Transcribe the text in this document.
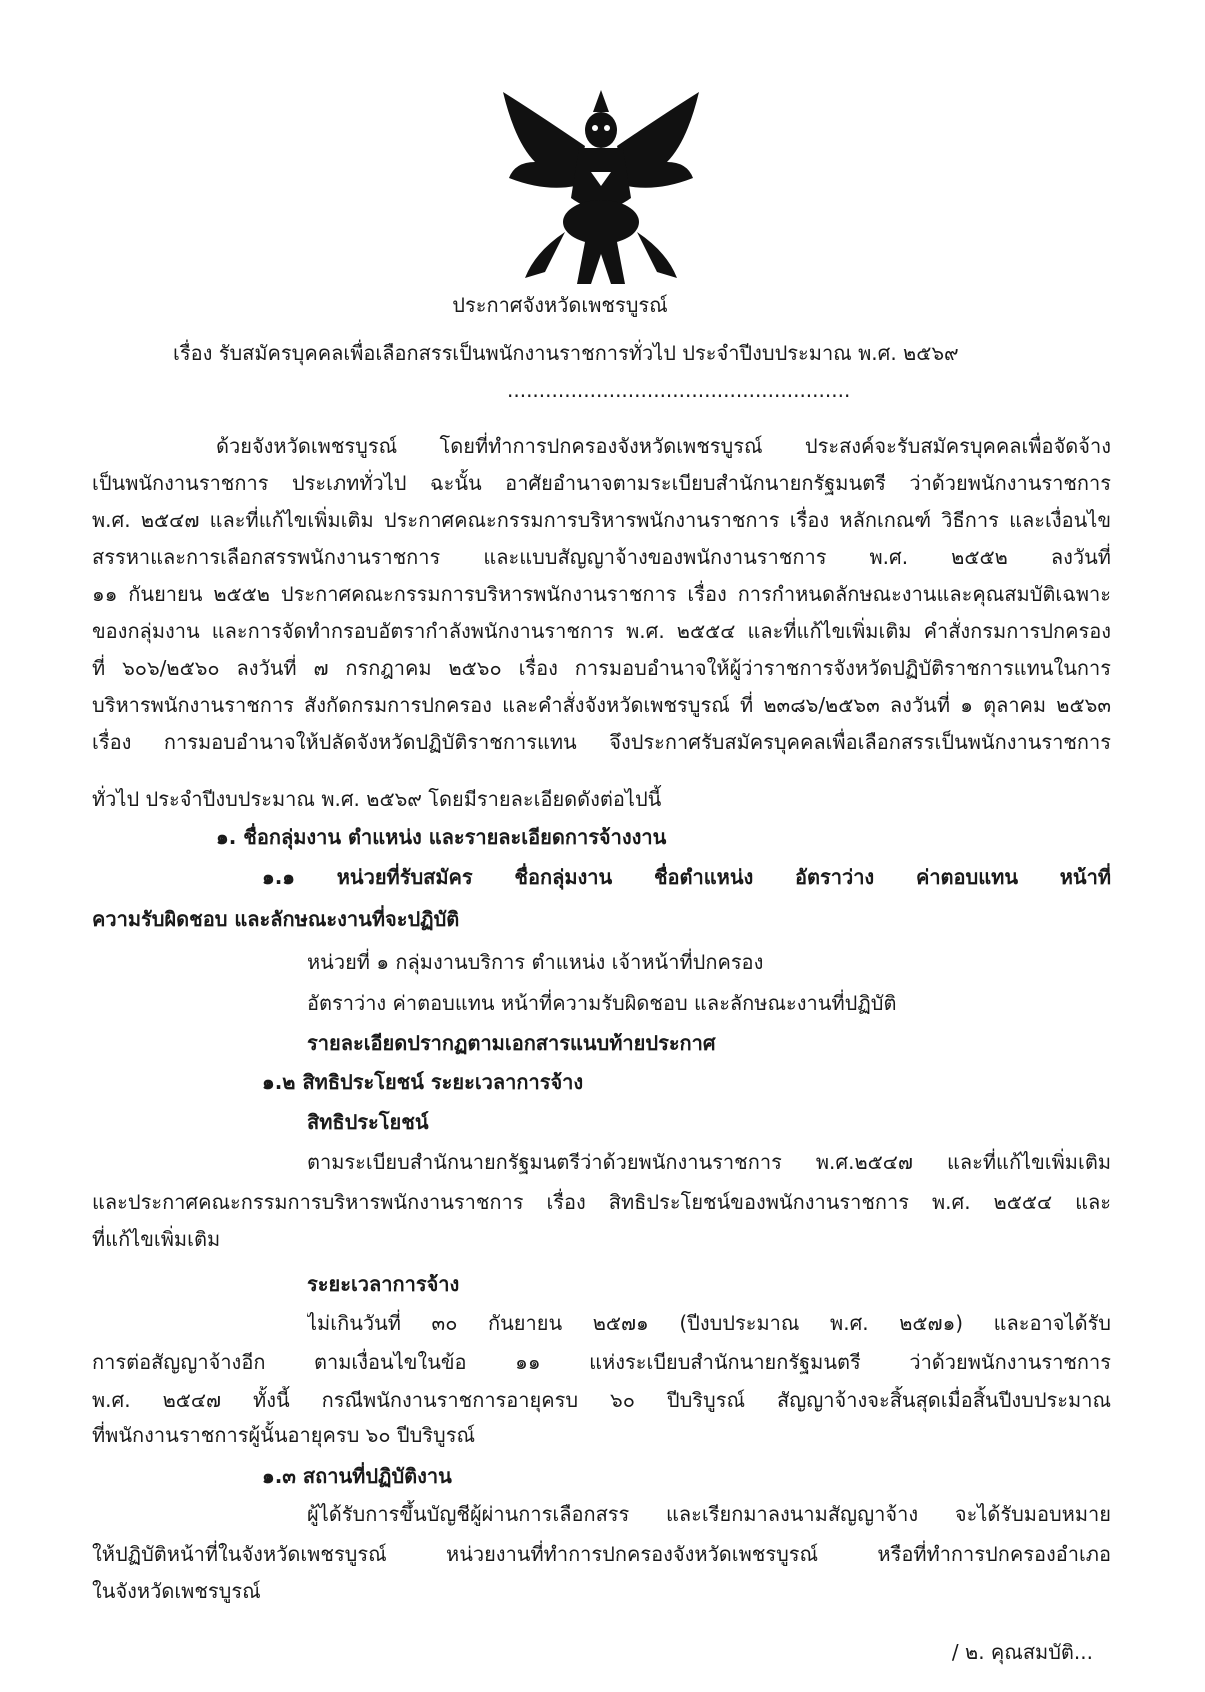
ประกาศจังหวัดเพชรบูรณ์
เรื่อง รับสมัครบุคคลเพื่อเลือกสรรเป็นพนักงานราชการทั่วไป ประจำปีงบประมาณ พ.ศ. ๒๕๖๙
......................................................
ด้วยจังหวัดเพชรบูรณ์ โดยที่ทำการปกครองจังหวัดเพชรบูรณ์ ประสงค์จะรับสมัครบุคคลเพื่อจัดจ้าง
เป็นพนักงานราชการ ประเภททั่วไป ฉะนั้น อาศัยอำนาจตามระเบียบสำนักนายกรัฐมนตรี ว่าด้วยพนักงานราชการ
พ.ศ. ๒๕๔๗ และที่แก้ไขเพิ่มเติม ประกาศคณะกรรมการบริหารพนักงานราชการ เรื่อง หลักเกณฑ์ วิธีการ และเงื่อนไข
สรรหาและการเลือกสรรพนักงานราชการ และแบบสัญญาจ้างของพนักงานราชการ พ.ศ. ๒๕๕๒ ลงวันที่
๑๑ กันยายน ๒๕๕๒ ประกาศคณะกรรมการบริหารพนักงานราชการ เรื่อง การกำหนดลักษณะงานและคุณสมบัติเฉพาะ
ของกลุ่มงาน และการจัดทำกรอบอัตรากำลังพนักงานราชการ พ.ศ. ๒๕๕๔ และที่แก้ไขเพิ่มเติม คำสั่งกรมการปกครอง
ที่ ๖๐๖/๒๕๖๐ ลงวันที่ ๗ กรกฎาคม ๒๕๖๐ เรื่อง การมอบอำนาจให้ผู้ว่าราชการจังหวัดปฏิบัติราชการแทนในการ
บริหารพนักงานราชการ สังกัดกรมการปกครอง และคำสั่งจังหวัดเพชรบูรณ์ ที่ ๒๓๘๖/๒๕๖๓ ลงวันที่ ๑ ตุลาคม ๒๕๖๓
เรื่อง การมอบอำนาจให้ปลัดจังหวัดปฏิบัติราชการแทน จึงประกาศรับสมัครบุคคลเพื่อเลือกสรรเป็นพนักงานราชการ
ทั่วไป ประจำปีงบประมาณ พ.ศ. ๒๕๖๙ โดยมีรายละเอียดดังต่อไปนี้
๑. ชื่อกลุ่มงาน ตำแหน่ง และรายละเอียดการจ้างงาน
๑.๑ หน่วยที่รับสมัคร ชื่อกลุ่มงาน ชื่อตำแหน่ง อัตราว่าง ค่าตอบแทน หน้าที่
ความรับผิดชอบ และลักษณะงานที่จะปฏิบัติ
หน่วยที่ ๑ กลุ่มงานบริการ ตำแหน่ง เจ้าหน้าที่ปกครอง
อัตราว่าง ค่าตอบแทน หน้าที่ความรับผิดชอบ และลักษณะงานที่ปฏิบัติ
รายละเอียดปรากฏตามเอกสารแนบท้ายประกาศ
๑.๒ สิทธิประโยชน์ ระยะเวลาการจ้าง
สิทธิประโยชน์
ตามระเบียบสำนักนายกรัฐมนตรีว่าด้วยพนักงานราชการ พ.ศ.๒๕๔๗ และที่แก้ไขเพิ่มเติม
และประกาศคณะกรรมการบริหารพนักงานราชการ เรื่อง สิทธิประโยชน์ของพนักงานราชการ พ.ศ. ๒๕๕๔ และ
ที่แก้ไขเพิ่มเติม
ระยะเวลาการจ้าง
ไม่เกินวันที่ ๓๐ กันยายน ๒๕๗๑ (ปีงบประมาณ พ.ศ. ๒๕๗๑) และอาจได้รับ
การต่อสัญญาจ้างอีก ตามเงื่อนไขในข้อ ๑๑ แห่งระเบียบสำนักนายกรัฐมนตรี ว่าด้วยพนักงานราชการ
พ.ศ. ๒๕๔๗ ทั้งนี้ กรณีพนักงานราชการอายุครบ ๖๐ ปีบริบูรณ์ สัญญาจ้างจะสิ้นสุดเมื่อสิ้นปีงบประมาณ
ที่พนักงานราชการผู้นั้นอายุครบ ๖๐ ปีบริบูรณ์
๑.๓ สถานที่ปฏิบัติงาน
ผู้ได้รับการขึ้นบัญชีผู้ผ่านการเลือกสรร และเรียกมาลงนามสัญญาจ้าง จะได้รับมอบหมาย
ให้ปฏิบัติหน้าที่ในจังหวัดเพชรบูรณ์ หน่วยงานที่ทำการปกครองจังหวัดเพชรบูรณ์ หรือที่ทำการปกครองอำเภอ
ในจังหวัดเพชรบูรณ์
/ ๒. คุณสมบัติ...
